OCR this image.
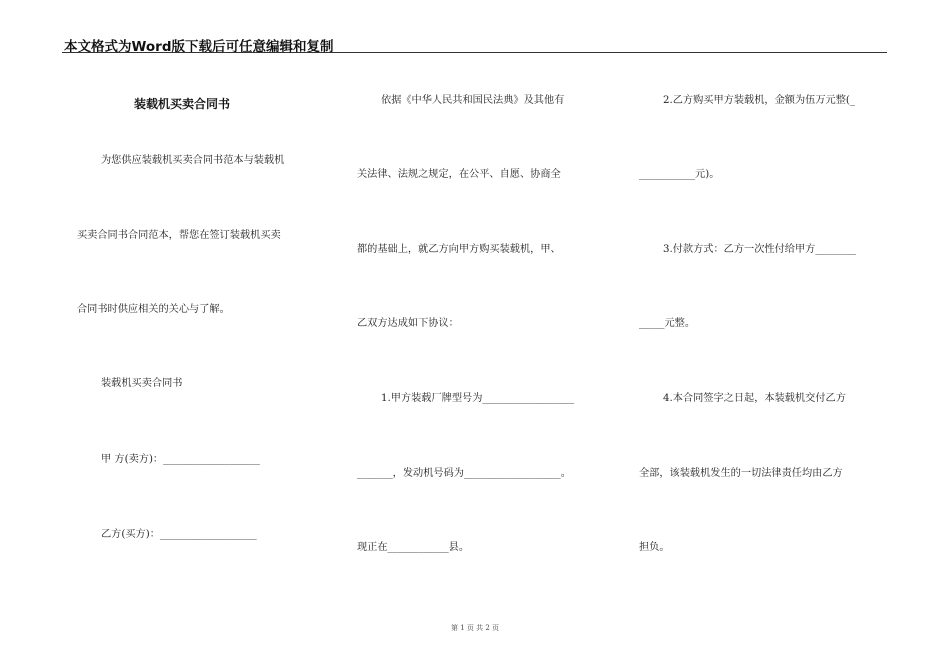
本文格式为Word版下载后可任意编辑和复制
装载机买卖合同书
为您供应装载机买卖合同书范本与装载机
买卖合同书合同范本，帮您在签订装载机买卖
合同书时供应相关的关心与了解。
装载机买卖合同书
甲 方(卖方)：___________________
乙方(买方)：___________________
依据《中华人民共和国民法典》及其他有
关法律、法规之规定，在公平、自愿、协商全
都的基础上，就乙方向甲方购买装载机，甲、
乙双方达成如下协议：
1.甲方装载厂牌型号为__________________
_______，发动机号码为___________________。
现正在____________县。
2.乙方购买甲方装载机，金额为伍万元整(_
___________元)。
3.付款方式：乙方一次性付给甲方________
_____元整。
4.本合同签字之日起，本装载机交付乙方
全部，该装载机发生的一切法律责任均由乙方
担负。
第 1 页 共 2 页
